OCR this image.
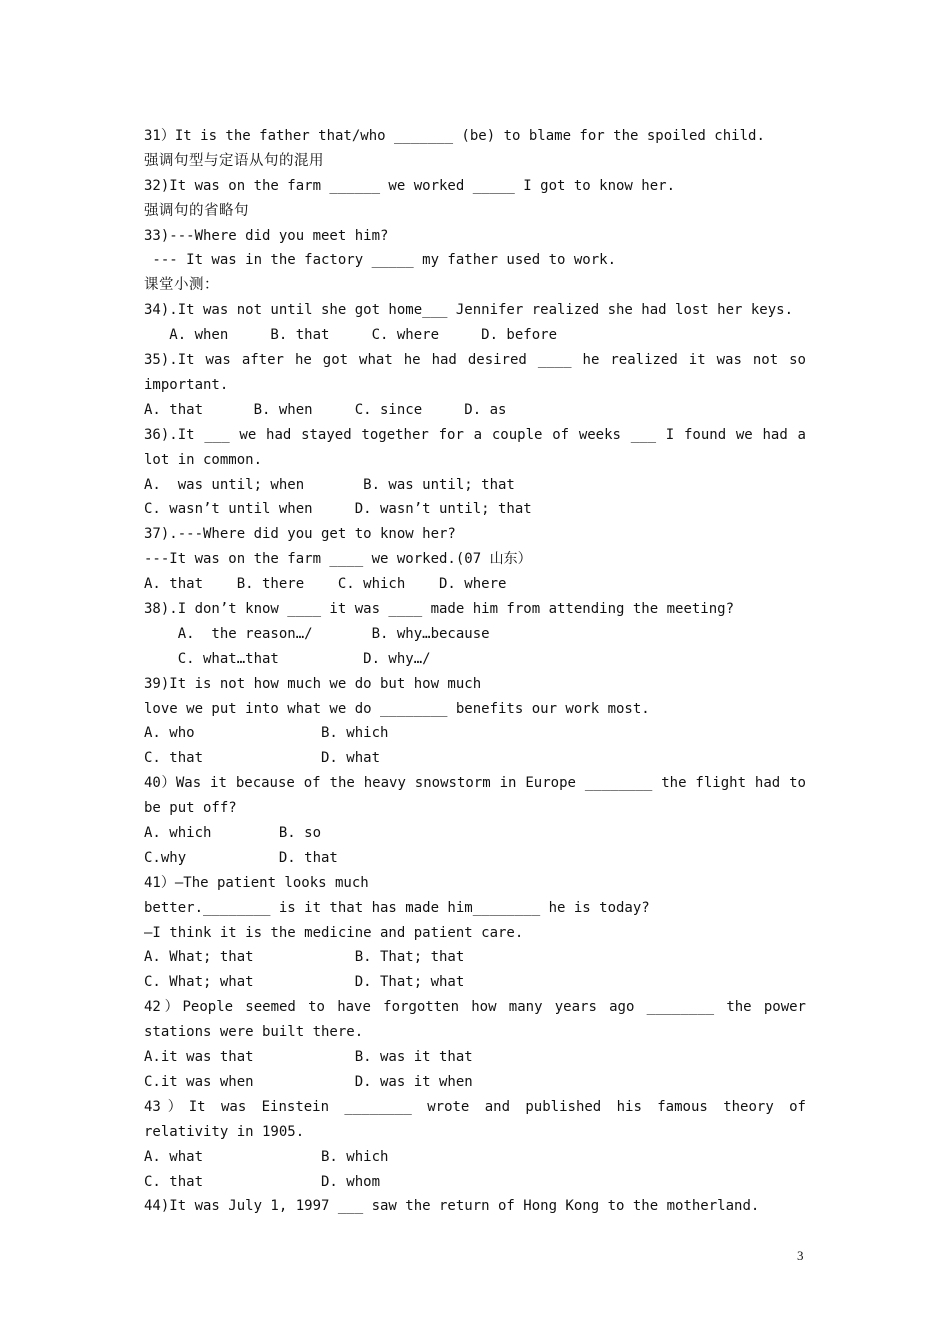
31）It is the father that/who _______ (be) to blame for the spoiled child.
强调句型与定语从句的混用
32)It was on the farm ______ we worked _____ I got to know her.
强调句的省略句
33)---Where did you meet him?
--- It was in the factory _____ my father used to work.
课堂小测：
34).It was not until she got home___ Jennifer realized she had lost her keys.
A. when     B. that     C. where     D. before
35).It was after he got what he had desired ____ he realized it was not so important.
A. that      B. when     C. since     D. as
36).It ___ we had stayed together for a couple of weeks ___ I found we had a lot in common.
A.  was until; when       B. was until; that
C. wasn’t until when     D. wasn’t until; that
37).---Where did you get to know her?
---It was on the farm ____ we worked.(07 山东）
A. that    B. there    C. which    D. where
38).I don’t know ____ it was ____ made him from attending the meeting?
A.  the reason…/       B. why…because
C. what…that          D. why…/
39)It is not how much we do but how much
love we put into what we do ________ benefits our work most.
A. who               B. which
C. that              D. what
40）Was it because of the heavy snowstorm in Europe ________ the flight had to be put off?
A. which        B. so
C.why           D. that
41）—The patient looks much
better.________ is it that has made him________ he is today?
—I think it is the medicine and patient care.
A. What; that            B. That; that
C. What; what            D. That; what
42）People seemed to have forgotten how many years ago ________ the power stations were built there.
A.it was that            B. was it that
C.it was when            D. was it when
43）It was Einstein ________ wrote and published his famous theory of relativity in 1905.
A. what              B. which
C. that              D. whom
44)It was July 1, 1997 ___ saw the return of Hong Kong to the motherland.
3
